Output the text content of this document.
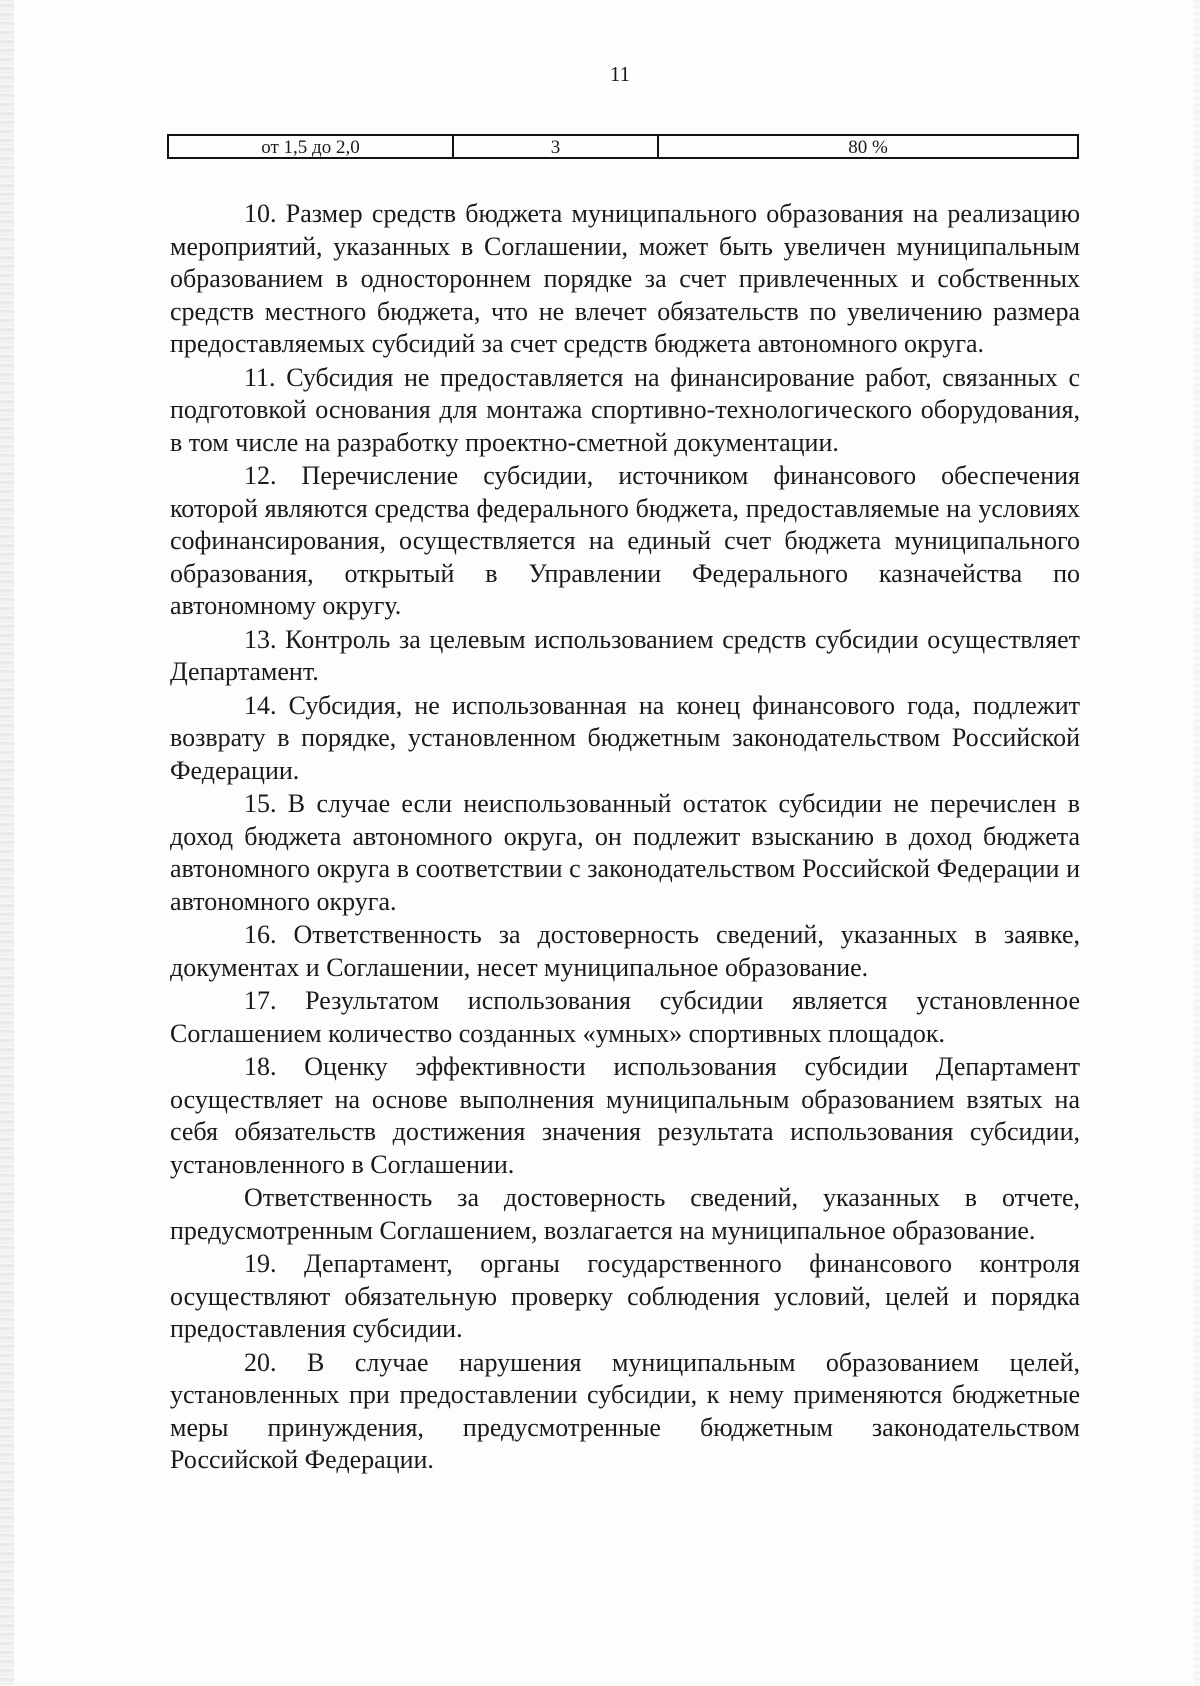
11
от 1,5 до 2,0	3	80 %

10. Размер средств бюджета муниципального образования на реализацию мероприятий, указанных в Соглашении, может быть увеличен муниципальным образованием в одностороннем порядке за счет привлеченных и собственных средств местного бюджета, что не влечет обязательств по увеличению размера предоставляемых субсидий за счет средств бюджета автономного округа.

11. Субсидия не предоставляется на финансирование работ, связанных с подготовкой основания для монтажа спортивно-технологического оборудования, в том числе на разработку проектно-сметной документации.

12. Перечисление субсидии, источником финансового обеспечения которой являются средства федерального бюджета, предоставляемые на условиях софинансирования, осуществляется на единый счет бюджета муниципального образования, открытый в Управлении Федерального казначейства по автономному округу.

13. Контроль за целевым использованием средств субсидии осуществляет Департамент.

14. Субсидия, не использованная на конец финансового года, подлежит возврату в порядке, установленном бюджетным законодательством Российской Федерации.

15. В случае если неиспользованный остаток субсидии не перечислен в доход бюджета автономного округа, он подлежит взысканию в доход бюджета автономного округа в соответствии с законодательством Российской Федерации и автономного округа.

16. Ответственность за достоверность сведений, указанных в заявке, документах и Соглашении, несет муниципальное образование.

17. Результатом использования субсидии является установленное Соглашением количество созданных «умных» спортивных площадок.

18. Оценку эффективности использования субсидии Департамент осуществляет на основе выполнения муниципальным образованием взятых на себя обязательств достижения значения результата использования субсидии, установленного в Соглашении.

Ответственность за достоверность сведений, указанных в отчете, предусмотренным Соглашением, возлагается на муниципальное образование.

19. Департамент, органы государственного финансового контроля осуществляют обязательную проверку соблюдения условий, целей и порядка предоставления субсидии.

20. В случае нарушения муниципальным образованием целей, установленных при предоставлении субсидии, к нему применяются бюджетные меры принуждения, предусмотренные бюджетным законодательством Российской Федерации.
